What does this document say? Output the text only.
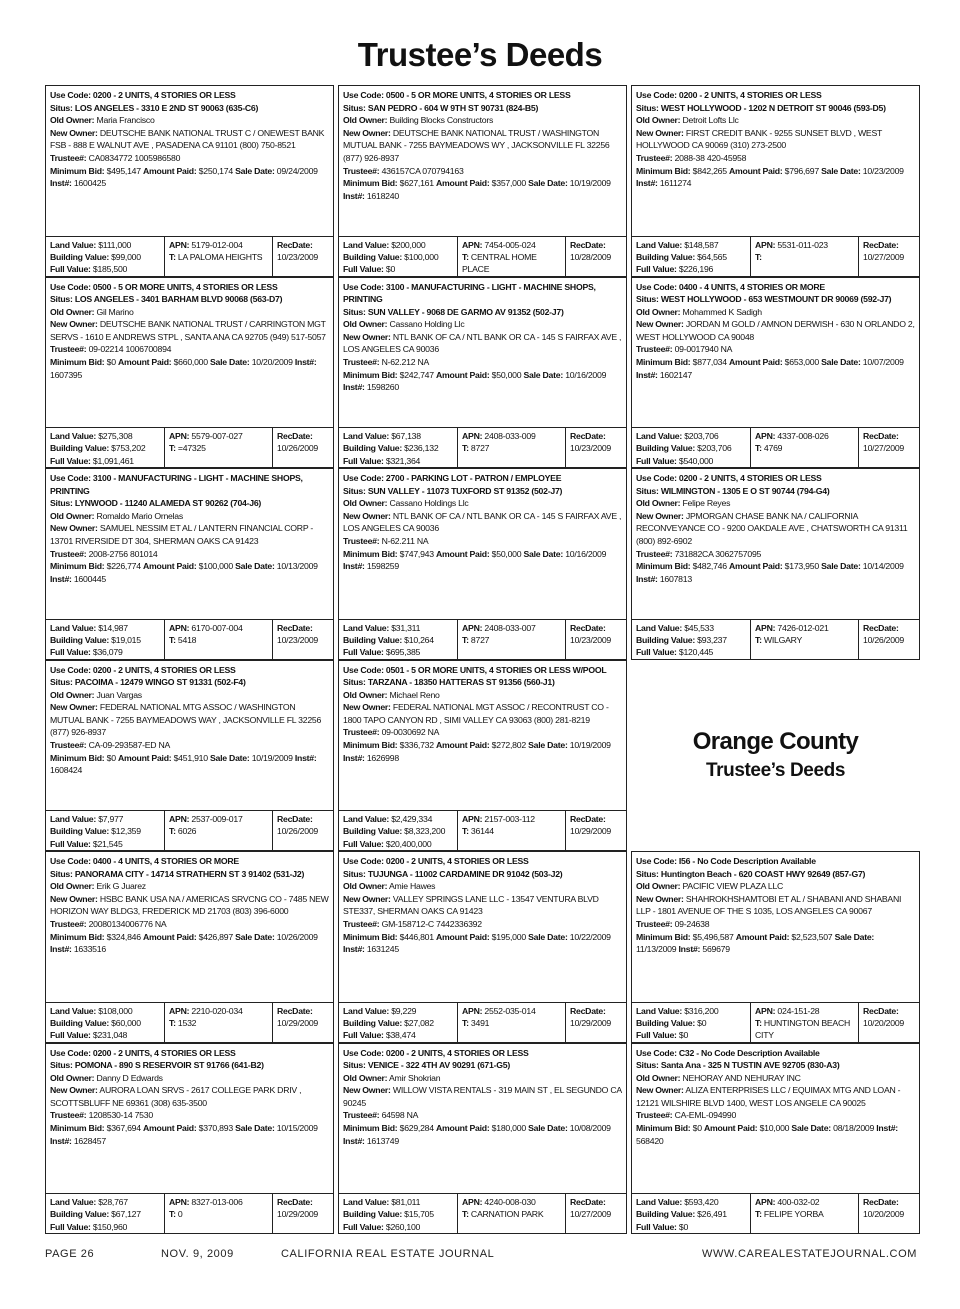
Trustee’s Deeds
Use Code: 0200 - 2 UNITS, 4 STORIES OR LESS
Situs: LOS ANGELES - 3310 E 2ND ST 90063 (635-C6)
Old Owner: Maria Francisco
New Owner: DEUTSCHE BANK NATIONAL TRUST C / ONEWEST BANK FSB - 888 E WALNUT AVE , PASADENA CA 91101 (800) 750-8521
Trustee#: CA0834772 1005986580
Minimum Bid: $495,147 Amount Paid: $250,174 Sale Date: 09/24/2009 Inst#: 1600425
Land Value: $111,000
Building Value: $99,000
Full Value: $185,500
APN: 5179-012-004
T: LA PALOMA HEIGHTS
RecDate:
10/23/2009
Use Code: 0500 - 5 OR MORE UNITS, 4 STORIES OR LESS
Situs: SAN PEDRO - 604 W 9TH ST 90731 (824-B5)
Old Owner: Building Blocks Constructors
New Owner: DEUTSCHE BANK NATIONAL TRUST / WASHINGTON MUTUAL BANK - 7255 BAYMEADOWS WY , JACKSONVILLE FL 32256 (877) 926-8937
Trustee#: 436157CA 070794163
Minimum Bid: $627,161 Amount Paid: $357,000 Sale Date: 10/19/2009 Inst#: 1618240
Land Value: $200,000
Building Value: $100,000
Full Value: $0
APN: 7454-005-024
T: CENTRAL HOME PLACE
RecDate:
10/28/2009
Use Code: 0200 - 2 UNITS, 4 STORIES OR LESS
Situs: WEST HOLLYWOOD - 1202 N DETROIT ST 90046 (593-D5)
Old Owner: Detroit Lofts Llc
New Owner: FIRST CREDIT BANK - 9255 SUNSET BLVD , WEST HOLLYWOOD CA 90069 (310) 273-2500
Trustee#: 2088-38 420-45958
Minimum Bid: $842,265 Amount Paid: $796,697 Sale Date: 10/23/2009 Inst#: 1611274
Land Value: $148,587
Building Value: $64,565
Full Value: $226,196
APN: 5531-011-023
T:
RecDate:
10/27/2009
Use Code: 0500 - 5 OR MORE UNITS, 4 STORIES OR LESS
Situs: LOS ANGELES - 3401 BARHAM BLVD 90068 (563-D7)
Old Owner: Gil Marino
New Owner: DEUTSCHE BANK NATIONAL TRUST / CARRINGTON MGT SERVS - 1610 E ANDREWS STPL , SANTA ANA CA 92705 (949) 517-5057
Trustee#: 09-02214 1006700894
Minimum Bid: $0 Amount Paid: $660,000 Sale Date: 10/20/2009 Inst#: 1607395
Land Value: $275,308
Building Value: $753,202
Full Value: $1,091,461
APN: 5579-007-027
T: =47325
RecDate:
10/26/2009
Use Code: 3100 - MANUFACTURING - LIGHT - MACHINE SHOPS, PRINTING
Situs: SUN VALLEY - 9068 DE GARMO AV 91352 (502-J7)
Old Owner: Cassano Holding Llc
New Owner: NTL BANK OF CA / NTL BANK OR CA - 145 S FAIRFAX AVE , LOS ANGELES CA 90036
Trustee#: N-62.212 NA
Minimum Bid: $242,747 Amount Paid: $50,000 Sale Date: 10/16/2009 Inst#: 1598260
Land Value: $67,138
Building Value: $236,132
Full Value: $321,364
APN: 2408-033-009
T: 8727
RecDate:
10/23/2009
Use Code: 0400 - 4 UNITS, 4 STORIES OR MORE
Situs: WEST HOLLYWOOD - 653 WESTMOUNT DR 90069 (592-J7)
Old Owner: Mohammed K Sadigh
New Owner: JORDAN M GOLD / AMNON DERWISH - 630 N ORLANDO 2, WEST HOLLYWOOD CA 90048
Trustee#: 09-0017940 NA
Minimum Bid: $877,034 Amount Paid: $653,000 Sale Date: 10/07/2009 Inst#: 1602147
Land Value: $203,706
Building Value: $203,706
Full Value: $540,000
APN: 4337-008-026
T: 4769
RecDate:
10/27/2009
Use Code: 3100 - MANUFACTURING - LIGHT - MACHINE SHOPS, PRINTING
Situs: LYNWOOD - 11240 ALAMEDA ST 90262 (704-J6)
Old Owner: Romaldo Mario Ornelas
New Owner: SAMUEL NESSIM ET AL / LANTERN FINANCIAL CORP - 13701 RIVERSIDE DT 304, SHERMAN OAKS CA 91423
Trustee#: 2008-2756 801014
Minimum Bid: $226,774 Amount Paid: $100,000 Sale Date: 10/13/2009 Inst#: 1600445
Land Value: $14,987
Building Value: $19,015
Full Value: $36,079
APN: 6170-007-004
T: 5418
RecDate:
10/23/2009
Use Code: 2700 - PARKING LOT - PATRON / EMPLOYEE
Situs: SUN VALLEY - 11073 TUXFORD ST 91352 (502-J7)
Old Owner: Cassano Holdings Llc
New Owner: NTL BANK OF CA / NTL BANK OR CA - 145 S FAIRFAX AVE , LOS ANGELES CA 90036
Trustee#: N-62.211 NA
Minimum Bid: $747,943 Amount Paid: $50,000 Sale Date: 10/16/2009 Inst#: 1598259
Land Value: $31,311
Building Value: $10,264
Full Value: $695,385
APN: 2408-033-007
T: 8727
RecDate:
10/23/2009
Use Code: 0200 - 2 UNITS, 4 STORIES OR LESS
Situs: WILMINGTON - 1305 E O ST 90744 (794-G4)
Old Owner: Felipe Reyes
New Owner: JPMORGAN CHASE BANK NA / CALIFORNIA RECONVEYANCE CO - 9200 OAKDALE AVE , CHATSWORTH CA 91311 (800) 892-6902
Trustee#: 731882CA 3062757095
Minimum Bid: $482,746 Amount Paid: $173,950 Sale Date: 10/14/2009 Inst#: 1607813
Land Value: $45,533
Building Value: $93,237
Full Value: $120,445
APN: 7426-012-021
T: WILGARY
RecDate:
10/26/2009
Use Code: 0200 - 2 UNITS, 4 STORIES OR LESS
Situs: PACOIMA - 12479 WINGO ST 91331 (502-F4)
Old Owner: Juan Vargas
New Owner: FEDERAL NATIONAL MTG ASSOC / WASHINGTON MUTUAL BANK - 7255 BAYMEADOWS WAY , JACKSONVILLE FL 32256 (877) 926-8937
Trustee#: CA-09-293587-ED NA
Minimum Bid: $0 Amount Paid: $451,910 Sale Date: 10/19/2009 Inst#: 1608424
Land Value: $7,977
Building Value: $12,359
Full Value: $21,545
APN: 2537-009-017
T: 6026
RecDate:
10/26/2009
Use Code: 0501 - 5 OR MORE UNITS, 4 STORIES OR LESS W/POOL
Situs: TARZANA - 18350 HATTERAS ST 91356 (560-J1)
Old Owner: Michael Reno
New Owner: FEDERAL NATIONAL MGT ASSOC / RECONTRUST CO - 1800 TAPO CANYON RD , SIMI VALLEY CA 93063 (800) 281-8219
Trustee#: 09-0030692 NA
Minimum Bid: $336,732 Amount Paid: $272,802 Sale Date: 10/19/2009 Inst#: 1626998
Land Value: $2,429,334
Building Value: $8,323,200
Full Value: $20,400,000
APN: 2157-003-112
T: 36144
RecDate:
10/29/2009
Use Code: 0400 - 4 UNITS, 4 STORIES OR MORE
Situs: PANORAMA CITY - 14714 STRATHERN ST 3 91402 (531-J2)
Old Owner: Erik G Juarez
New Owner: HSBC BANK USA NA / AMERICAS SRVCNG CO - 7485 NEW HORIZON WAY BLDG3, FREDERICK MD 21703 (803) 396-6000
Trustee#: 20080134006776 NA
Minimum Bid: $324,846 Amount Paid: $426,897 Sale Date: 10/26/2009 Inst#: 1633516
Land Value: $108,000
Building Value: $60,000
Full Value: $231,048
APN: 2210-020-034
T: 1532
RecDate:
10/29/2009
Use Code: 0200 - 2 UNITS, 4 STORIES OR LESS
Situs: TUJUNGA - 11002 CARDAMINE DR 91042 (503-J2)
Old Owner: Amie Hawes
New Owner: VALLEY SPRINGS LANE LLC - 13547 VENTURA BLVD STE337, SHERMAN OAKS CA 91423
Trustee#: GM-158712-C 7442336392
Minimum Bid: $446,801 Amount Paid: $195,000 Sale Date: 10/22/2009 Inst#: 1631245
Land Value: $9,229
Building Value: $27,082
Full Value: $38,474
APN: 2552-035-014
T: 3491
RecDate:
10/29/2009
Use Code: 0200 - 2 UNITS, 4 STORIES OR LESS
Situs: POMONA - 890 S RESERVOIR ST 91766 (641-B2)
Old Owner: Danny D Edwards
New Owner: AURORA LOAN SRVS - 2617 COLLEGE PARK DRIV , SCOTTSBLUFF NE 69361 (308) 635-3500
Trustee#: 1208530-14 7530
Minimum Bid: $367,694 Amount Paid: $370,893 Sale Date: 10/15/2009 Inst#: 1628457
Land Value: $28,767
Building Value: $67,127
Full Value: $150,960
APN: 8327-013-006
T: 0
RecDate:
10/29/2009
Use Code: 0200 - 2 UNITS, 4 STORIES OR LESS
Situs: VENICE - 322 4TH AV 90291 (671-G5)
Old Owner: Amir Shokrian
New Owner: WILLOW VISTA RENTALS - 319 MAIN ST , EL SEGUNDO CA 90245
Trustee#: 64598 NA
Minimum Bid: $629,284 Amount Paid: $180,000 Sale Date: 10/08/2009 Inst#: 1613749
Land Value: $81,011
Building Value: $15,705
Full Value: $260,100
APN: 4240-008-030
T: CARNATION PARK
RecDate:
10/27/2009
Orange County
Trustee’s Deeds
Use Code: I56 - No Code Description Available
Situs: Huntington Beach - 620 COAST HWY 92649 (857-G7)
Old Owner: PACIFIC VIEW PLAZA LLC
New Owner: SHAHROKHSHAMTOBI ET AL / SHABANI AND SHABANI LLP - 1801 AVENUE OF THE S 1035, LOS ANGELES CA 90067
Trustee#: 09-24638
Minimum Bid: $5,496,587 Amount Paid: $2,523,507 Sale Date: 11/13/2009 Inst#: 569679
Land Value: $316,200
Building Value: $0
Full Value: $0
APN: 024-151-28
T: HUNTINGTON BEACH CITY
RecDate:
10/20/2009
Use Code: C32 - No Code Description Available
Situs: Santa Ana - 325 N TUSTIN AVE 92705 (830-A3)
Old Owner: NEHORAY AND NEHURAY INC
New Owner: ALIZA ENTERPRISES LLC / EQUIMAX MTG AND LOAN - 12121 WILSHIRE BLVD 1400, WEST LOS ANGELE CA 90025
Trustee#: CA-EML-094990
Minimum Bid: $0 Amount Paid: $10,000 Sale Date: 08/18/2009 Inst#: 568420
Land Value: $593,420
Building Value: $26,491
Full Value: $0
APN: 400-032-02
T: FELIPE YORBA
RecDate:
10/20/2009
PAGE 26	NOV. 9, 2009	CALIFORNIA REAL ESTATE JOURNAL	WWW.CAREALESTATEJOURNAL.COM
